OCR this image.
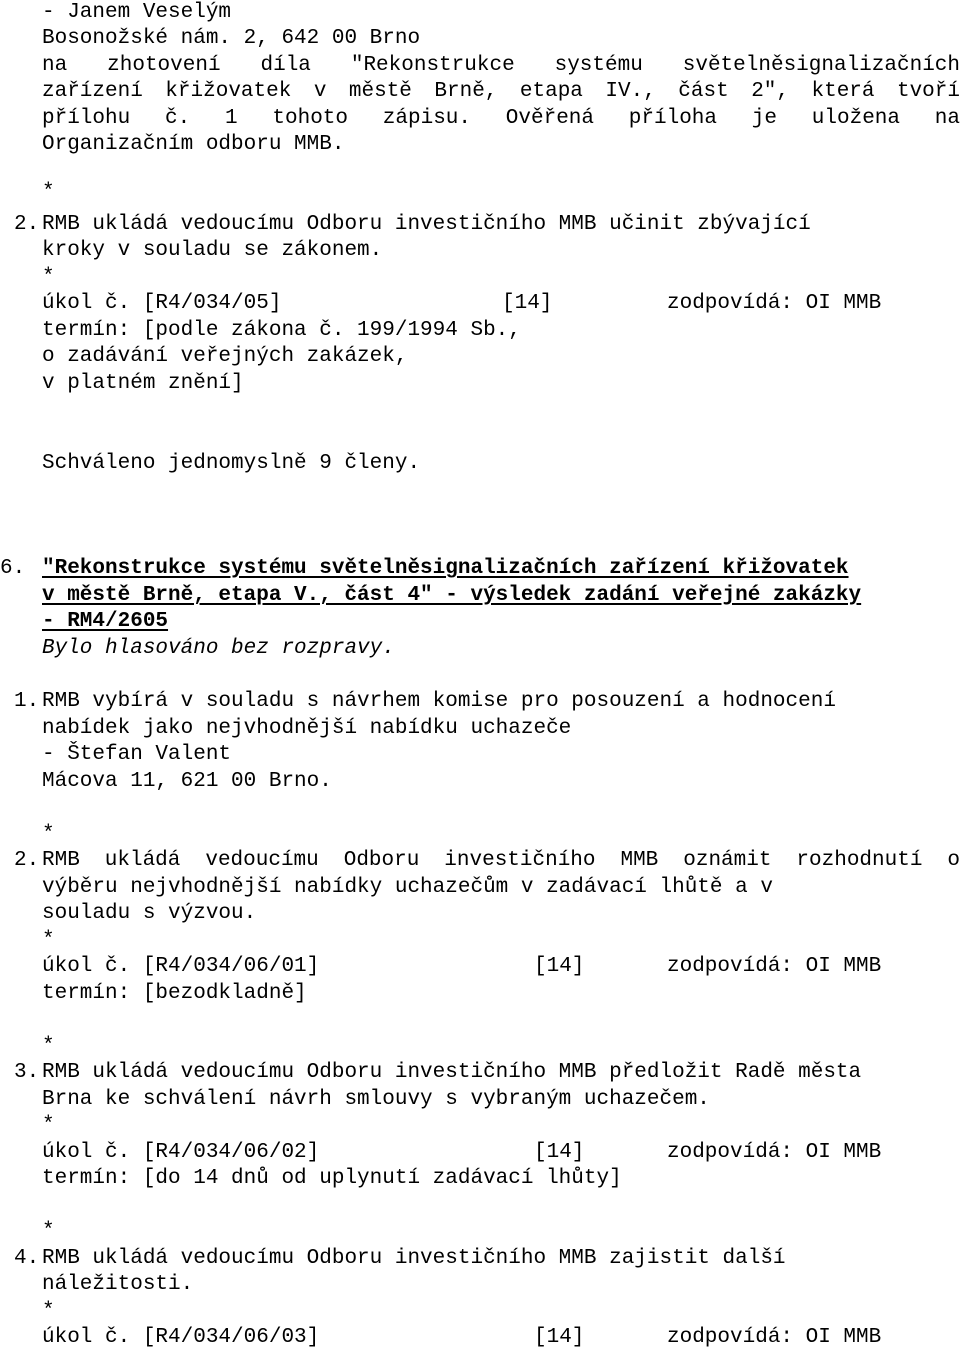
- Janem Veselým
Bosonožské nám. 2, 642 00 Brno
na zhotovení díla "Rekonstrukce systému světelněsignalizačních
zařízení křižovatek v městě Brně, etapa IV., část 2", která tvoří
přílohu č. 1 tohoto zápisu. Ověřená příloha je uložena na
Organizačním odboru MMB.
*
2. RMB ukládá vedoucímu Odboru investičního MMB učinit zbývající
kroky v souladu se zákonem.
*
úkol č. [R4/034/05]	[14]	zodpovídá: OI MMB
termín: [podle zákona č. 199/1994 Sb.,
o zadávání veřejných zakázek,
v platném znění]
Schváleno jednomyslně 9 členy.
6. "Rekonstrukce systému světelněsignalizačních zařízení křižovatek
v městě Brně, etapa V., část 4" - výsledek zadání veřejné zakázky
- RM4/2605
Bylo hlasováno bez rozpravy.
1. RMB vybírá v souladu s návrhem komise pro posouzení a hodnocení
nabídek jako nejvhodnější nabídku uchazeče
- Štefan Valent
Mácova 11, 621 00 Brno.
*
2. RMB ukládá vedoucímu Odboru investičního MMB oznámit rozhodnutí o
výběru nejvhodnější nabídky uchazečům v zadávací lhůtě a v
souladu s výzvou.
*
úkol č. [R4/034/06/01]	[14]	zodpovídá: OI MMB
termín: [bezodkladně]
*
3. RMB ukládá vedoucímu Odboru investičního MMB předložit Radě města
Brna ke schválení návrh smlouvy s vybraným uchazečem.
*
úkol č. [R4/034/06/02]	[14]	zodpovídá: OI MMB
termín: [do 14 dnů od uplynutí zadávací lhůty]
*
4. RMB ukládá vedoucímu Odboru investičního MMB zajistit další
náležitosti.
*
úkol č. [R4/034/06/03]	[14]	zodpovídá: OI MMB
